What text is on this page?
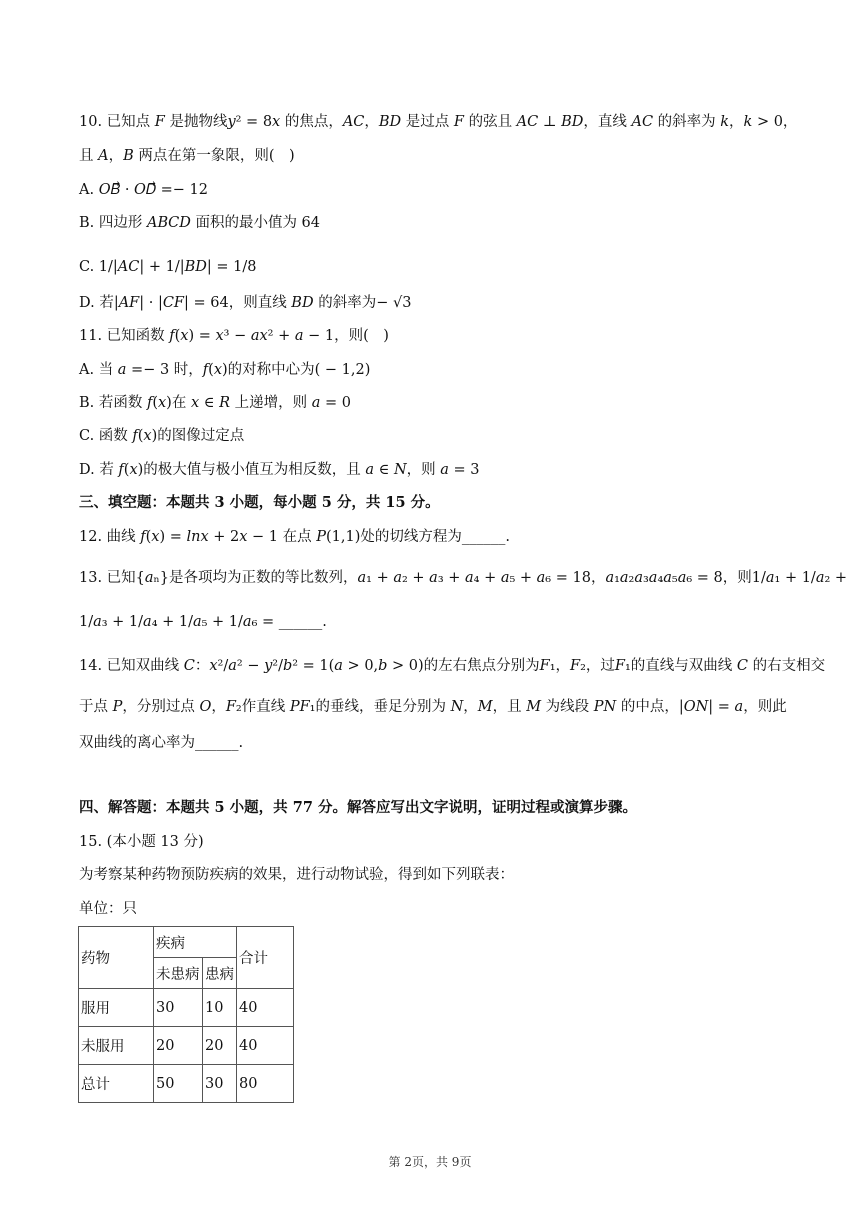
10. 已知点 𝐹 是抛物线𝑦² = 8𝑥 的焦点，𝐴𝐶，𝐵𝐷 是过点 𝐹 的弦且 𝐴𝐶 ⊥ 𝐵𝐷，直线 𝐴𝐶 的斜率为 𝑘，𝑘 > 0，
且 𝐴，𝐵 两点在第一象限，则(　)
A. 𝑂𝐵⃗ · 𝑂𝐷⃗ =− 12
B. 四边形 𝐴𝐵𝐶𝐷 面积的最小值为 64
C. 1/|𝐴𝐶| + 1/|𝐵𝐷| = 1/8
D. 若|𝐴𝐹| · |𝐶𝐹| = 64，则直线 𝐵𝐷 的斜率为− √3
11. 已知函数 𝑓(𝑥) = 𝑥³ − 𝑎𝑥² + 𝑎 − 1，则(　)
A. 当 𝑎 =− 3 时，𝑓(𝑥)的对称中心为( − 1,2)
B. 若函数 𝑓(𝑥)在 𝑥 ∈ 𝑅 上递增，则 𝑎 = 0
C. 函数 𝑓(𝑥)的图像过定点
D. 若 𝑓(𝑥)的极大值与极小值互为相反数，且 𝑎 ∈ 𝑁，则 𝑎 = 3
三、填空题：本题共 3 小题，每小题 5 分，共 15 分。
12. 曲线 𝑓(𝑥) = 𝑙𝑛𝑥 + 2𝑥 − 1 在点 𝑃(1,1)处的切线方程为______.
13. 已知{𝑎ₙ}是各项均为正数的等比数列，𝑎₁ + 𝑎₂ + 𝑎₃ + 𝑎₄ + 𝑎₅ + 𝑎₆ = 18，𝑎₁𝑎₂𝑎₃𝑎₄𝑎₅𝑎₆ = 8，则1/𝑎₁ + 1/𝑎₂ +
1/𝑎₃ + 1/𝑎₄ + 1/𝑎₅ + 1/𝑎₆ = ______.
14. 已知双曲线 𝐶：𝑥²/𝑎² − 𝑦²/𝑏² = 1(𝑎 > 0,𝑏 > 0)的左右焦点分别为𝐹₁，𝐹₂，过𝐹₁的直线与双曲线 𝐶 的右支相交
于点 𝑃，分别过点 𝑂，𝐹₂作直线 𝑃𝐹₁的垂线，垂足分别为 𝑁，𝑀，且 𝑀 为线段 𝑃𝑁 的中点，|𝑂𝑁| = 𝑎，则此
双曲线的离心率为______.
四、解答题：本题共 5 小题，共 77 分。解答应写出文字说明，证明过程或演算步骤。
15. (本小题 13 分)
为考察某种药物预防疾病的效果，进行动物试验，得到如下列联表：
单位：只
药物	疾病		合计
	未患病	患病	
服用	30	10	40
未服用	20	20	40
总计	50	30	80
第 2页，共 9页
